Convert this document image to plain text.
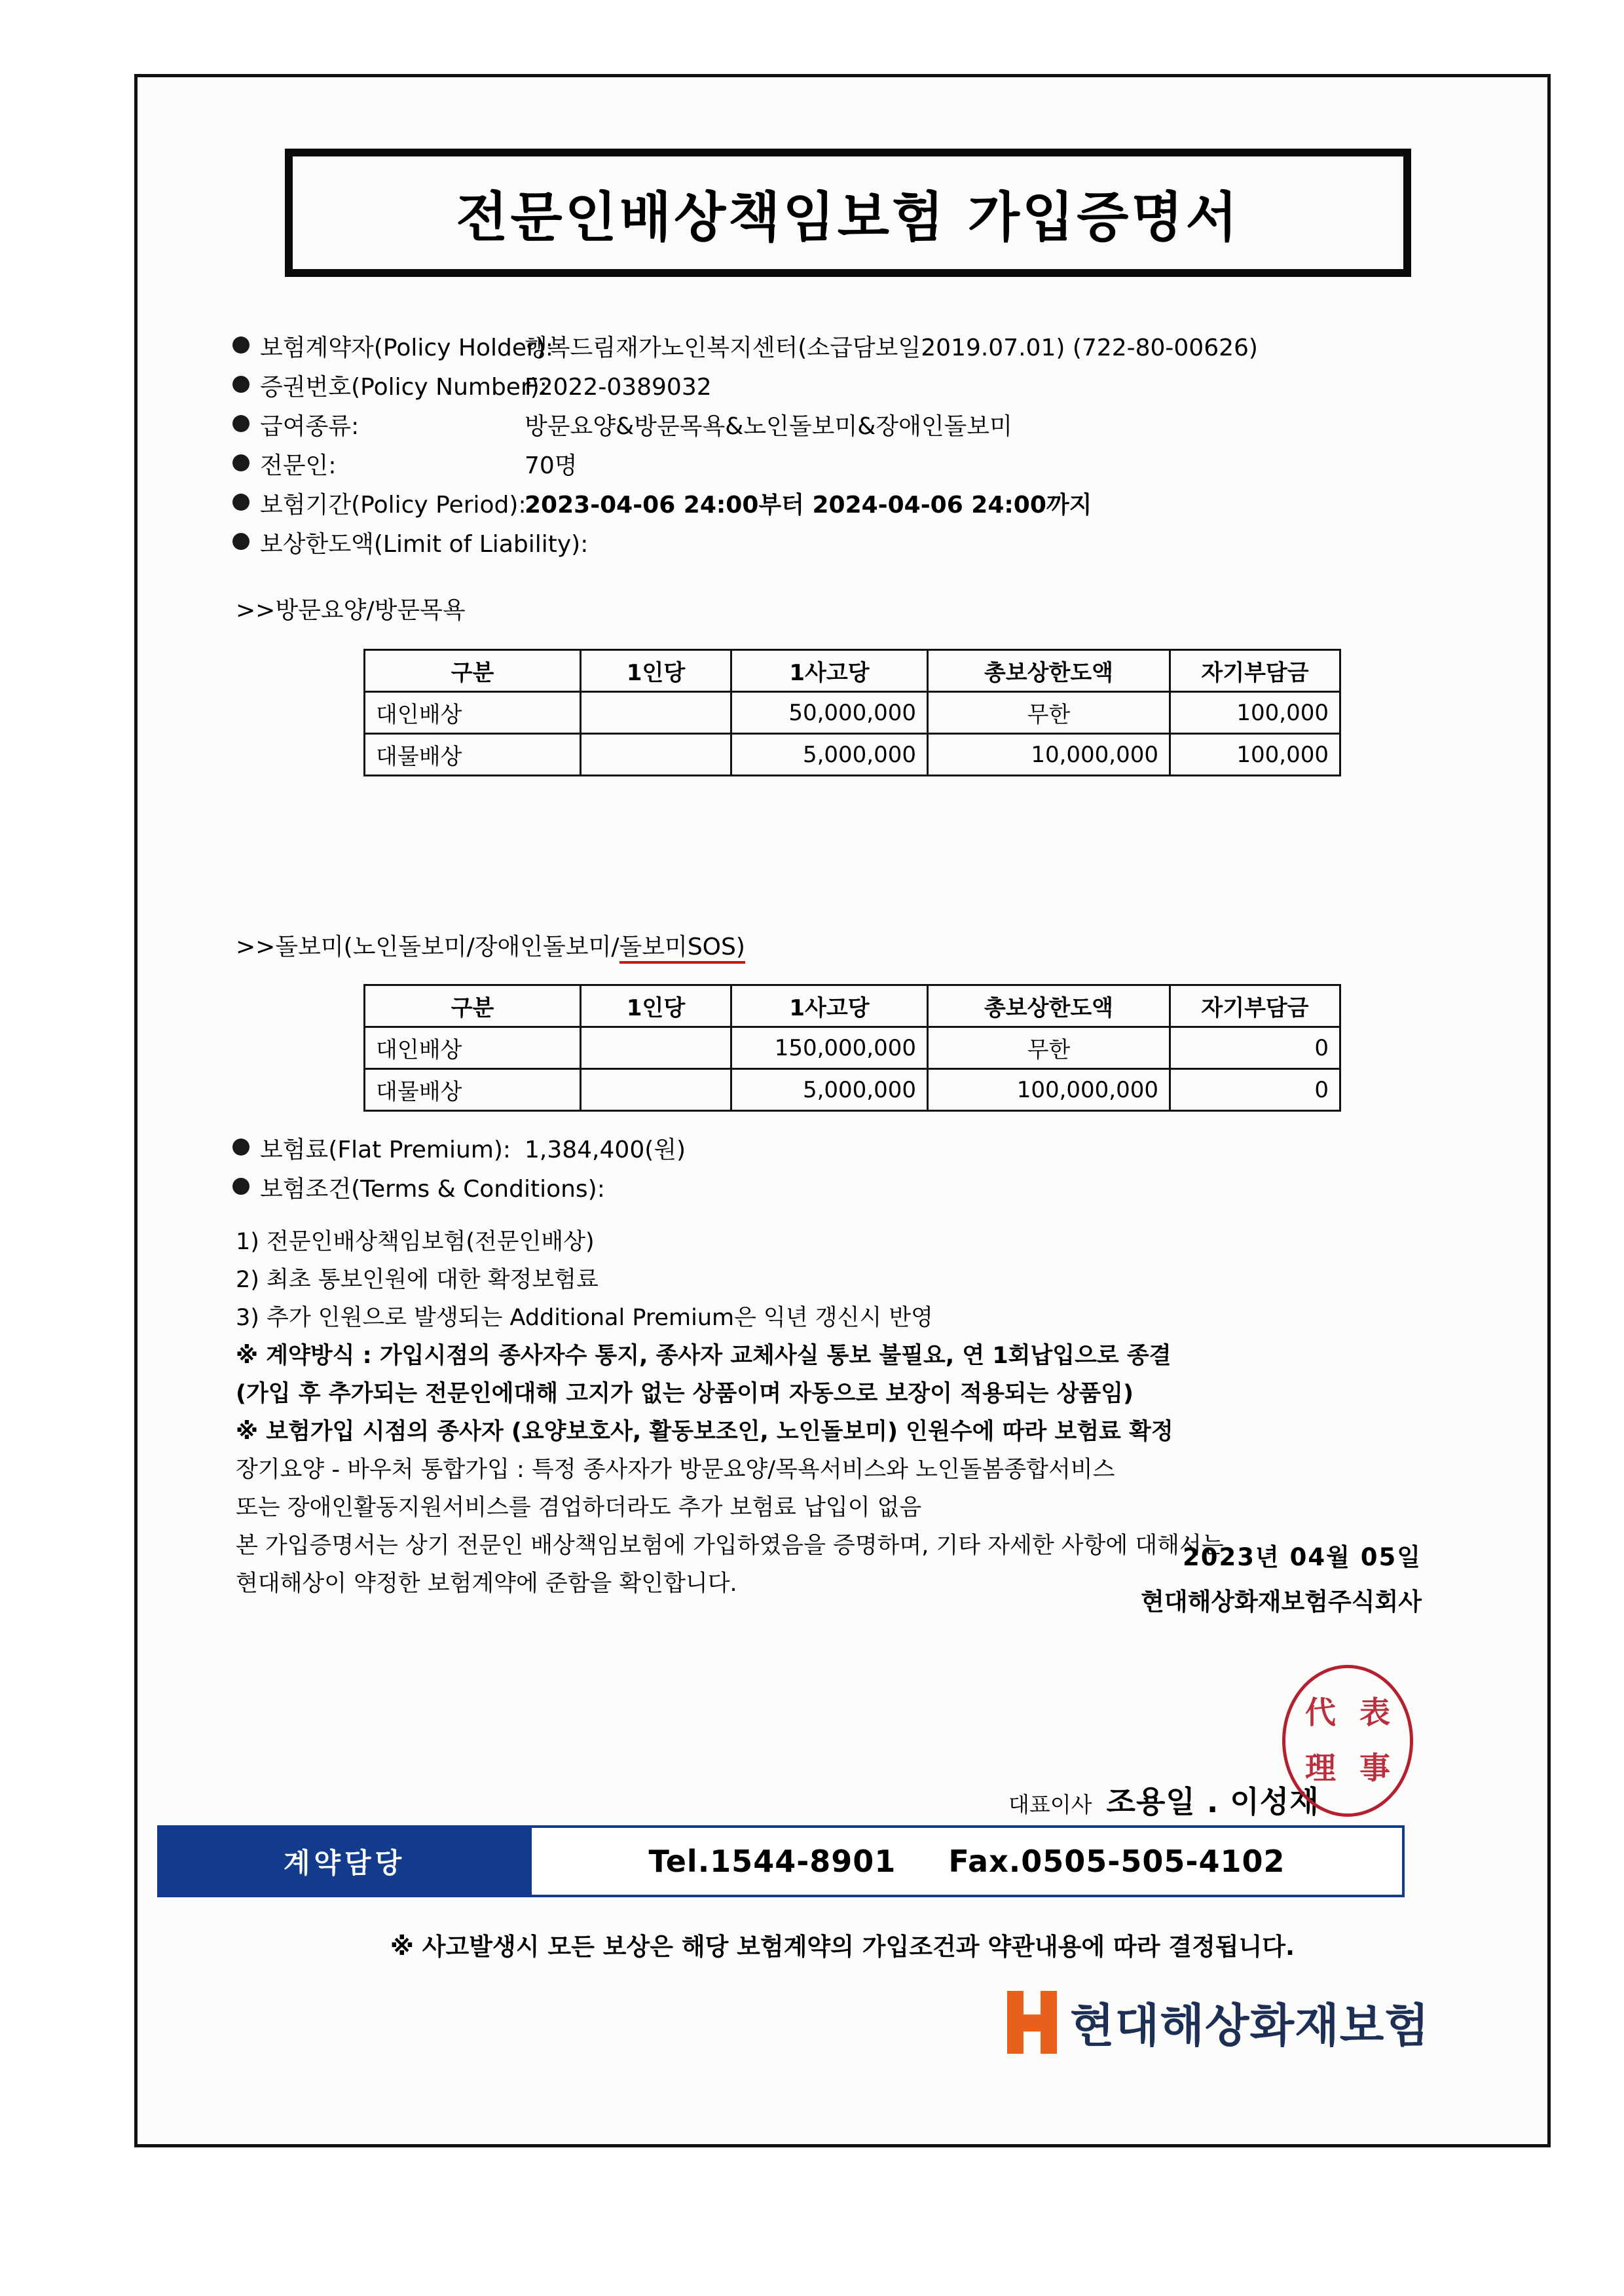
전문인배상책임보험 가입증명서
보험계약자(Policy Holder):
행복드림재가노인복지센터(소급담보일2019.07.01) (722-80-00626)
증권번호(Policy Number):
F2022-0389032
급여종류:	방문요양&방문목욕&노인돌보미&장애인돌보미
전문인:	70명
보험기간(Policy Period):
2023-04-06 24:00부터 2024-04-06 24:00까지
보상한도액(Limit of Liability):
>>방문요양/방문목욕
구분	1인당	1사고당	총보상한도액	자기부담금
대인배상		50,000,000	무한	100,000
대물배상		5,000,000	10,000,000	100,000
>>돌보미(노인돌보미/장애인돌보미/돌보미SOS)
구분	1인당	1사고당	총보상한도액	자기부담금
대인배상		150,000,000	무한	0
대물배상		5,000,000	100,000,000	0
보험료(Flat Premium): 1,384,400(원)
보험조건(Terms & Conditions):
1) 전문인배상책임보험(전문인배상)
2) 최초 통보인원에 대한 확정보험료
3) 추가 인원으로 발생되는 Additional Premium은 익년 갱신시 반영
※ 계약방식 : 가입시점의 종사자수 통지, 종사자 교체사실 통보 불필요, 연 1회납입으로 종결
(가입 후 추가되는 전문인에대해 고지가 없는 상품이며 자동으로 보장이 적용되는 상품임)
※ 보험가입 시점의 종사자 (요양보호사, 활동보조인, 노인돌보미) 인원수에 따라 보험료 확정
장기요양 - 바우처 통합가입 : 특정 종사자가 방문요양/목욕서비스와 노인돌봄종합서비스
또는 장애인활동지원서비스를 겸업하더라도 추가 보험료 납입이 없음
본 가입증명서는 상기 전문인 배상책임보험에 가입하였음을 증명하며, 기타 자세한 사항에 대해서는
현대해상이 약정한 보험계약에 준함을 확인합니다.
2023년 04월 05일
현대해상화재보험주식회사
대표이사 조용일 . 이성재
代 表
理 事
계약담당	Tel.1544-8901 Fax.0505-505-4102
※ 사고발생시 모든 보상은 해당 보험계약의 가입조건과 약관내용에 따라 결정됩니다.
현대해상화재보험
